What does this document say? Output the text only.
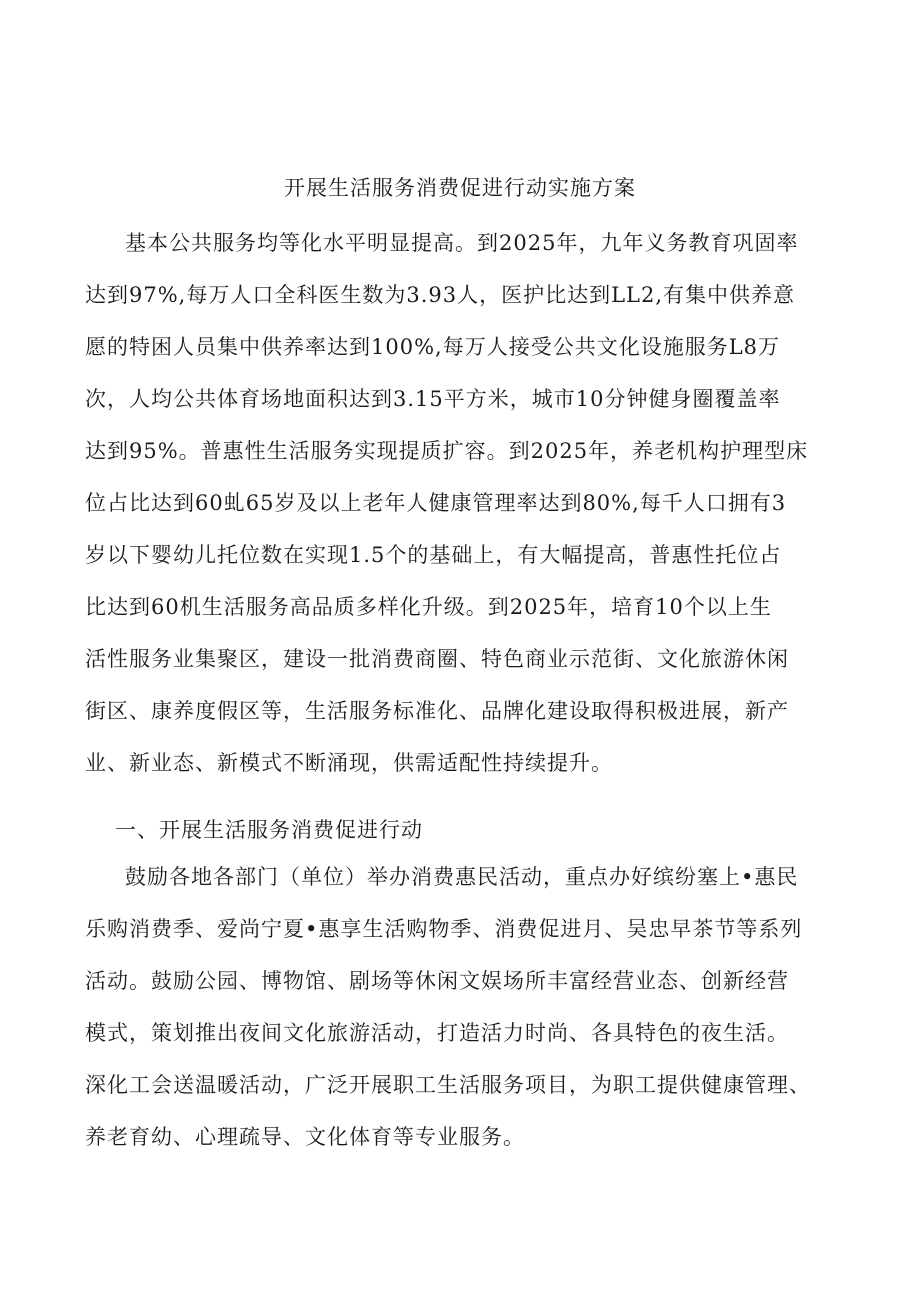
开展生活服务消费促进行动实施方案
基本公共服务均等化水平明显提高。到2025年，九年义务教育巩固率
达到97%,每万人口全科医生数为3.93人，医护比达到LL2,有集中供养意
愿的特困人员集中供养率达到100%,每万人接受公共文化设施服务L8万
次，人均公共体育场地面积达到3.15平方米，城市10分钟健身圈覆盖率
达到95%。普惠性生活服务实现提质扩容。到2025年，养老机构护理型床
位占比达到60虬65岁及以上老年人健康管理率达到80%,每千人口拥有3
岁以下婴幼儿托位数在实现1.5个的基础上，有大幅提高，普惠性托位占
比达到60机生活服务高品质多样化升级。到2025年，培育10个以上生
活性服务业集聚区，建设一批消费商圈、特色商业示范街、文化旅游休闲
街区、康养度假区等，生活服务标准化、品牌化建设取得积极进展，新产
业、新业态、新模式不断涌现，供需适配性持续提升。
一、开展生活服务消费促进行动
鼓励各地各部门（单位）举办消费惠民活动，重点办好缤纷塞上•惠民
乐购消费季、爱尚宁夏•惠享生活购物季、消费促进月、吴忠早茶节等系列
活动。鼓励公园、博物馆、剧场等休闲文娱场所丰富经营业态、创新经营
模式，策划推出夜间文化旅游活动，打造活力时尚、各具特色的夜生活。
深化工会送温暖活动，广泛开展职工生活服务项目，为职工提供健康管理、
养老育幼、心理疏导、文化体育等专业服务。
